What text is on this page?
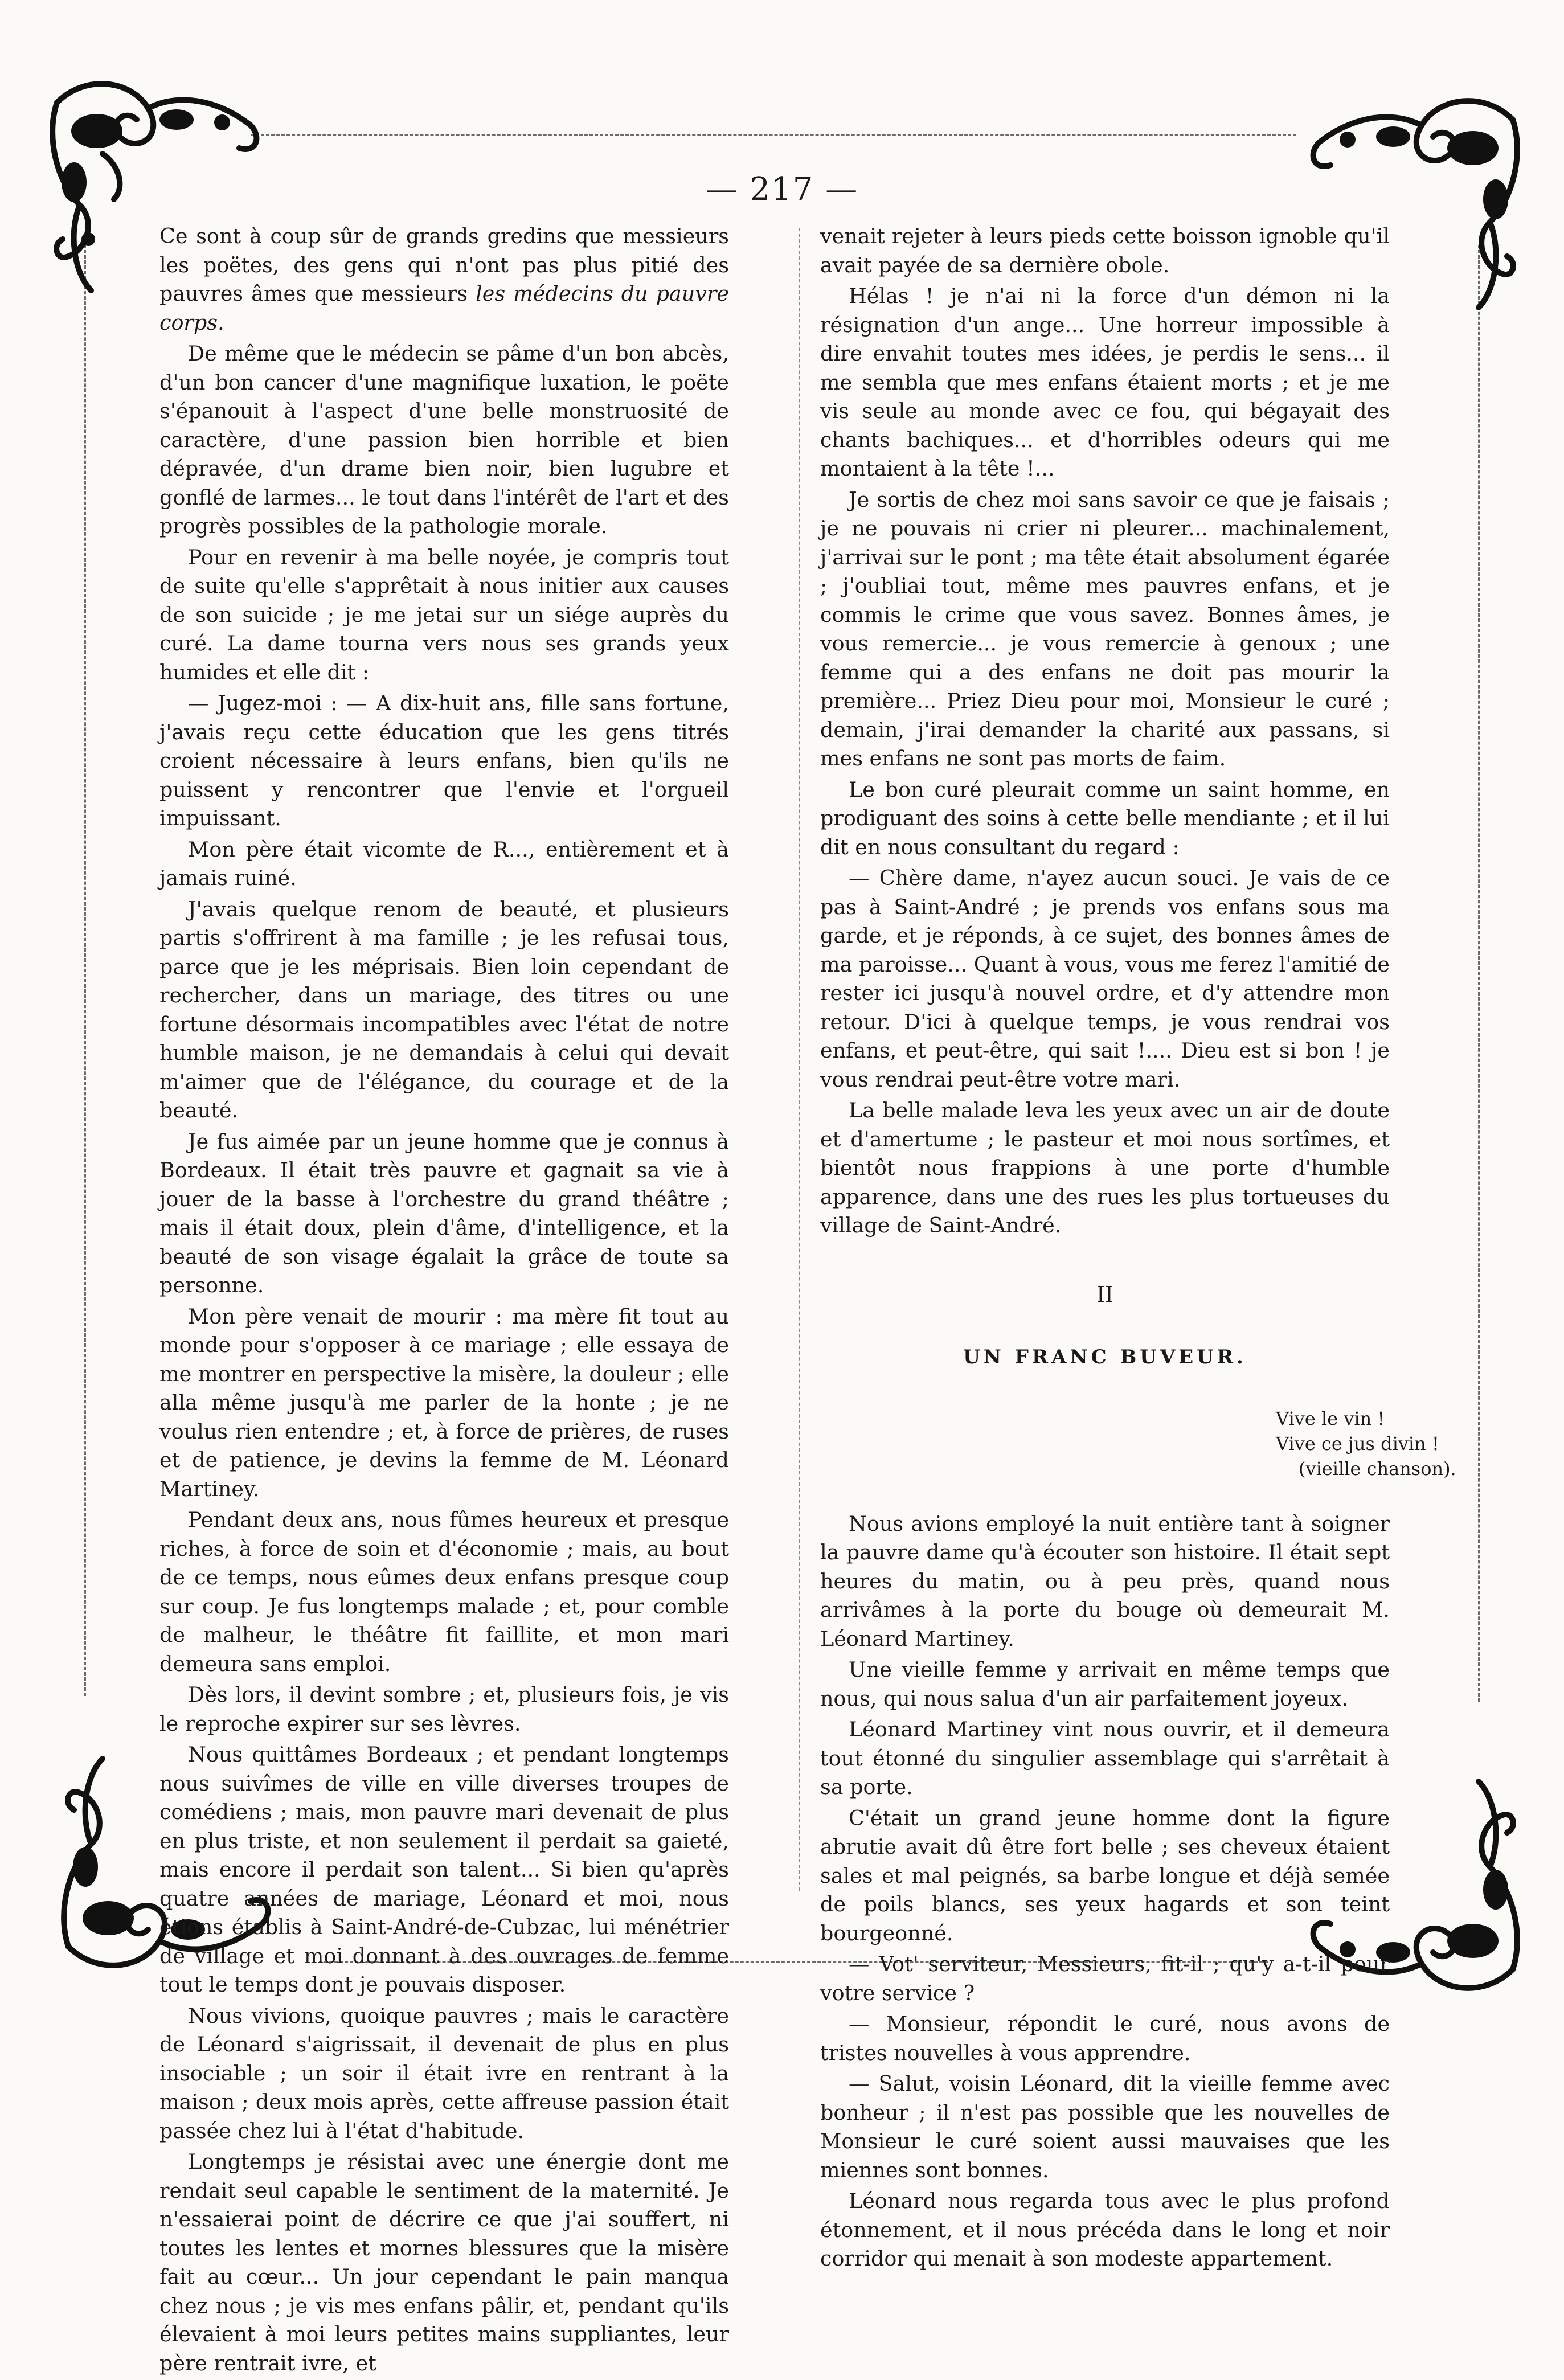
— 217 —

Ce sont à coup sûr de grands gredins que messieurs les poëtes, des gens qui n'ont pas plus pitié des pauvres âmes que messieurs les médecins du pauvre corps.

De même que le médecin se pâme d'un bon abcès, d'un bon cancer d'une magnifique luxation, le poëte s'épanouit à l'aspect d'une belle monstruosité de caractère, d'une passion bien horrible et bien dépravée, d'un drame bien noir, bien lugubre et gonflé de larmes... le tout dans l'intérêt de l'art et des progrès possibles de la pathologie morale.

Pour en revenir à ma belle noyée, je compris tout de suite qu'elle s'apprêtait à nous initier aux causes de son suicide ; je me jetai sur un siége auprès du curé. La dame tourna vers nous ses grands yeux humides et elle dit :

— Jugez-moi : — A dix-huit ans, fille sans fortune, j'avais reçu cette éducation que les gens titrés croient nécessaire à leurs enfans, bien qu'ils ne puissent y rencontrer que l'envie et l'orgueil impuissant.

Mon père était vicomte de R..., entièrement et à jamais ruiné.

J'avais quelque renom de beauté, et plusieurs partis s'offrirent à ma famille ; je les refusai tous, parce que je les méprisais. Bien loin cependant de rechercher, dans un mariage, des titres ou une fortune désormais incompatibles avec l'état de notre humble maison, je ne demandais à celui qui devait m'aimer que de l'élégance, du courage et de la beauté.

Je fus aimée par un jeune homme que je connus à Bordeaux. Il était très pauvre et gagnait sa vie à jouer de la basse à l'orchestre du grand théâtre ; mais il était doux, plein d'âme, d'intelligence, et la beauté de son visage égalait la grâce de toute sa personne.

Mon père venait de mourir : ma mère fit tout au monde pour s'opposer à ce mariage ; elle essaya de me montrer en perspective la misère, la douleur ; elle alla même jusqu'à me parler de la honte ; je ne voulus rien entendre ; et, à force de prières, de ruses et de patience, je devins la femme de M. Léonard Martiney.

Pendant deux ans, nous fûmes heureux et presque riches, à force de soin et d'économie ; mais, au bout de ce temps, nous eûmes deux enfans presque coup sur coup. Je fus longtemps malade ; et, pour comble de malheur, le théâtre fit faillite, et mon mari demeura sans emploi.

Dès lors, il devint sombre ; et, plusieurs fois, je vis le reproche expirer sur ses lèvres.

Nous quittâmes Bordeaux ; et pendant longtemps nous suivîmes de ville en ville diverses troupes de comédiens ; mais, mon pauvre mari devenait de plus en plus triste, et non seulement il perdait sa gaieté, mais encore il perdait son talent... Si bien qu'après quatre années de mariage, Léonard et moi, nous étions établis à Saint-André-de-Cubzac, lui ménétrier de village et moi donnant à des ouvrages de femme tout le temps dont je pouvais disposer.

Nous vivions, quoique pauvres ; mais le caractère de Léonard s'aigrissait, il devenait de plus en plus insociable ; un soir il était ivre en rentrant à la maison ; deux mois après, cette affreuse passion était passée chez lui à l'état d'habitude.

Longtemps je résistai avec une énergie dont me rendait seul capable le sentiment de la maternité. Je n'essaierai point de décrire ce que j'ai souffert, ni toutes les lentes et mornes blessures que la misère fait au cœur... Un jour cependant le pain manqua chez nous ; je vis mes enfans pâlir, et, pendant qu'ils élevaient à moi leurs petites mains suppliantes, leur père rentrait ivre, et

venait rejeter à leurs pieds cette boisson ignoble qu'il avait payée de sa dernière obole.

Hélas ! je n'ai ni la force d'un démon ni la résignation d'un ange... Une horreur impossible à dire envahit toutes mes idées, je perdis le sens... il me sembla que mes enfans étaient morts ; et je me vis seule au monde avec ce fou, qui bégayait des chants bachiques... et d'horribles odeurs qui me montaient à la tête !...

Je sortis de chez moi sans savoir ce que je faisais ; je ne pouvais ni crier ni pleurer... machinalement, j'arrivai sur le pont ; ma tête était absolument égarée ; j'oubliai tout, même mes pauvres enfans, et je commis le crime que vous savez. Bonnes âmes, je vous remercie... je vous remercie à genoux ; une femme qui a des enfans ne doit pas mourir la première... Priez Dieu pour moi, Monsieur le curé ; demain, j'irai demander la charité aux passans, si mes enfans ne sont pas morts de faim.

Le bon curé pleurait comme un saint homme, en prodiguant des soins à cette belle mendiante ; et il lui dit en nous consultant du regard :

— Chère dame, n'ayez aucun souci. Je vais de ce pas à Saint-André ; je prends vos enfans sous ma garde, et je réponds, à ce sujet, des bonnes âmes de ma paroisse... Quant à vous, vous me ferez l'amitié de rester ici jusqu'à nouvel ordre, et d'y attendre mon retour. D'ici à quelque temps, je vous rendrai vos enfans, et peut-être, qui sait !.... Dieu est si bon ! je vous rendrai peut-être votre mari.

La belle malade leva les yeux avec un air de doute et d'amertume ; le pasteur et moi nous sortîmes, et bientôt nous frappions à une porte d'humble apparence, dans une des rues les plus tortueuses du village de Saint-André.

II

UN FRANC BUVEUR.

Vive le vin !
Vive ce jus divin !
(vieille chanson).

Nous avions employé la nuit entière tant à soigner la pauvre dame qu'à écouter son histoire. Il était sept heures du matin, ou à peu près, quand nous arrivâmes à la porte du bouge où demeurait M. Léonard Martiney.

Une vieille femme y arrivait en même temps que nous, qui nous salua d'un air parfaitement joyeux.

Léonard Martiney vint nous ouvrir, et il demeura tout étonné du singulier assemblage qui s'arrêtait à sa porte.

C'était un grand jeune homme dont la figure abrutie avait dû être fort belle ; ses cheveux étaient sales et mal peignés, sa barbe longue et déjà semée de poils blancs, ses yeux hagards et son teint bourgeonné.

— Vot' serviteur, Messieurs, fit-il ; qu'y a-t-il pour votre service ?

— Monsieur, répondit le curé, nous avons de tristes nouvelles à vous apprendre.

— Salut, voisin Léonard, dit la vieille femme avec bonheur ; il n'est pas possible que les nouvelles de Monsieur le curé soient aussi mauvaises que les miennes sont bonnes.

Léonard nous regarda tous avec le plus profond étonnement, et il nous précéda dans le long et noir corridor qui menait à son modeste appartement.
